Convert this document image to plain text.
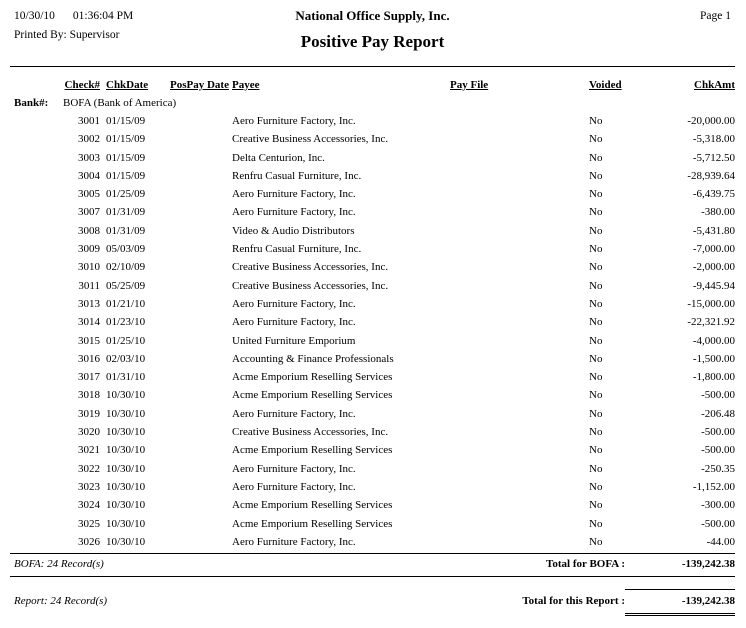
10/30/10 01:36:04 PM
Printed By: Supervisor
National Office Supply, Inc.
Positive Pay Report
Page 1
Check# ChkDate	PosPay Date Payee	Pay File	Voided	ChkAmt
Bank#: BOFA (Bank of America)
3001 01/15/09	Aero Furniture Factory, Inc.	No	-20,000.00
3002 01/15/09	Creative Business Accessories, Inc.	No	-5,318.00
3003 01/15/09	Delta Centurion, Inc.	No	-5,712.50
3004 01/15/09	Renfru Casual Furniture, Inc.	No	-28,939.64
3005 01/25/09	Aero Furniture Factory, Inc.	No	-6,439.75
3007 01/31/09	Aero Furniture Factory, Inc.	No	-380.00
3008 01/31/09	Video & Audio Distributors	No	-5,431.80
3009 05/03/09	Renfru Casual Furniture, Inc.	No	-7,000.00
3010 02/10/09	Creative Business Accessories, Inc.	No	-2,000.00
3011 05/25/09	Creative Business Accessories, Inc.	No	-9,445.94
3013 01/21/10	Aero Furniture Factory, Inc.	No	-15,000.00
3014 01/23/10	Aero Furniture Factory, Inc.	No	-22,321.92
3015 01/25/10	United Furniture Emporium	No	-4,000.00
3016 02/03/10	Accounting & Finance Professionals	No	-1,500.00
3017 01/31/10	Acme Emporium Reselling Services	No	-1,800.00
3018 10/30/10	Acme Emporium Reselling Services	No	-500.00
3019 10/30/10	Aero Furniture Factory, Inc.	No	-206.48
3020 10/30/10	Creative Business Accessories, Inc.	No	-500.00
3021 10/30/10	Acme Emporium Reselling Services	No	-500.00
3022 10/30/10	Aero Furniture Factory, Inc.	No	-250.35
3023 10/30/10	Aero Furniture Factory, Inc.	No	-1,152.00
3024 10/30/10	Acme Emporium Reselling Services	No	-300.00
3025 10/30/10	Acme Emporium Reselling Services	No	-500.00
3026 10/30/10	Aero Furniture Factory, Inc.	No	-44.00
BOFA: 24 Record(s)	Total for BOFA :	-139,242.38
Report: 24 Record(s)	Total for this Report :	-139,242.38
